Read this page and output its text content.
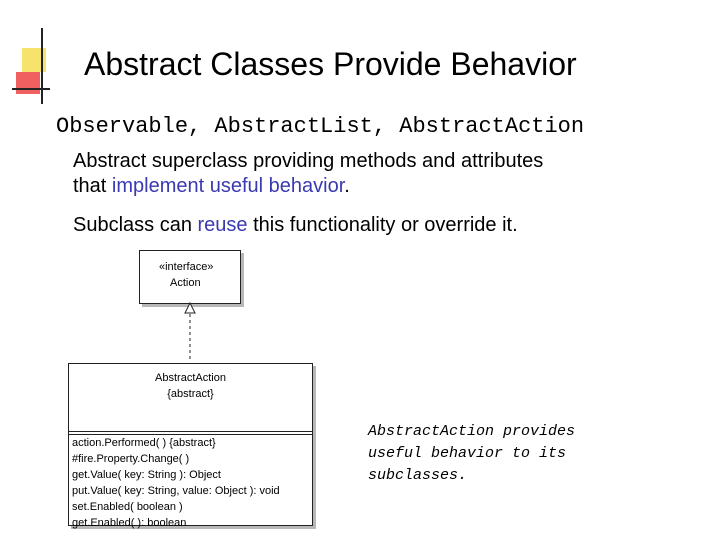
Abstract Classes Provide Behavior
Observable, AbstractList, AbstractAction
Abstract superclass providing methods and attributes
that implement useful behavior.
Subclass can reuse this functionality or override it.
«interface»
Action
AbstractAction
{abstract}
action.Performed( ) {abstract}
#fire.Property.Change( )
get.Value( key: String ): Object
put.Value( key: String, value: Object ): void
set.Enabled( boolean )
get.Enabled( ): boolean
AbstractAction provides
useful behavior to its
subclasses.
